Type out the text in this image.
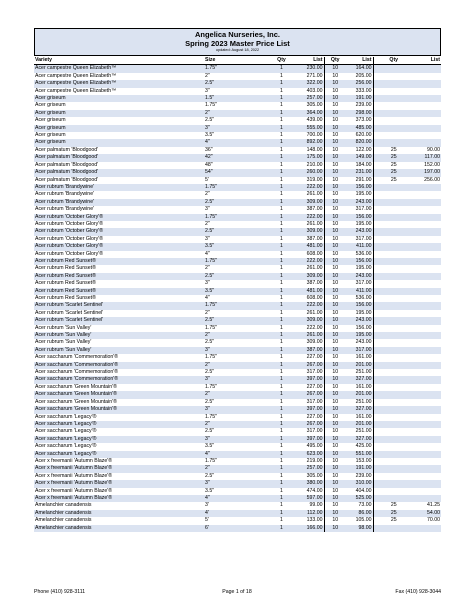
Angelica Nurseries, Inc.
Spring 2023 Master Price List
updated: August 18, 2022
Variety	Size	Qty	List	Qty	List	Qty	List
Acer campestre Queen Elizabeth™	1.75"	1	230.00	10	164.00		
Acer campestre Queen Elizabeth™	2"	1	271.00	10	205.00		
Acer campestre Queen Elizabeth™	2.5"	1	322.00	10	256.00		
Acer campestre Queen Elizabeth™	3"	1	403.00	10	333.00		
Acer griseum	1.5"	1	257.00	10	191.00		
Acer griseum	1.75"	1	305.00	10	239.00		
Acer griseum	2"	1	364.00	10	298.00		
Acer griseum	2.5"	1	439.00	10	373.00		
Acer griseum	3"	1	555.00	10	485.00		
Acer griseum	3.5"	1	700.00	10	620.00		
Acer griseum	4"	1	892.00	10	820.00		
Acer palmatum 'Bloodgood'	36"	1	148.00	10	122.00	25	90.00
Acer palmatum 'Bloodgood'	42"	1	175.00	10	149.00	25	117.00
Acer palmatum 'Bloodgood'	48"	1	210.00	10	184.00	25	152.00
Acer palmatum 'Bloodgood'	54"	1	260.00	10	231.00	25	197.00
Acer palmatum 'Bloodgood'	5'	1	319.00	10	291.00	25	256.00
Acer rubrum 'Brandywine'	1.75"	1	222.00	10	156.00		
Acer rubrum 'Brandywine'	2"	1	261.00	10	195.00		
Acer rubrum 'Brandywine'	2.5"	1	309.00	10	243.00		
Acer rubrum 'Brandywine'	3"	1	387.00	10	317.00		
Acer rubrum 'October Glory'®	1.75"	1	222.00	10	156.00		
Acer rubrum 'October Glory'®	2"	1	261.00	10	195.00		
Acer rubrum 'October Glory'®	2.5"	1	309.00	10	243.00		
Acer rubrum 'October Glory'®	3"	1	387.00	10	317.00		
Acer rubrum 'October Glory'®	3.5"	1	481.00	10	411.00		
Acer rubrum 'October Glory'®	4"	1	608.00	10	536.00		
Acer rubrum Red Sunset®	1.75"	1	222.00	10	156.00		
Acer rubrum Red Sunset®	2"	1	261.00	10	195.00		
Acer rubrum Red Sunset®	2.5"	1	309.00	10	243.00		
Acer rubrum Red Sunset®	3"	1	387.00	10	317.00		
Acer rubrum Red Sunset®	3.5"	1	481.00	10	411.00		
Acer rubrum Red Sunset®	4"	1	608.00	10	536.00		
Acer rubrum 'Scarlet Sentinel'	1.75"	1	222.00	10	156.00		
Acer rubrum 'Scarlet Sentinel'	2"	1	261.00	10	195.00		
Acer rubrum 'Scarlet Sentinel'	2.5"	1	309.00	10	243.00		
Acer rubrum 'Sun Valley'	1.75"	1	222.00	10	156.00		
Acer rubrum 'Sun Valley'	2"	1	261.00	10	195.00		
Acer rubrum 'Sun Valley'	2.5"	1	309.00	10	243.00		
Acer rubrum 'Sun Valley'	3"	1	387.00	10	317.00		
Acer saccharum 'Commemoration'®	1.75"	1	227.00	10	161.00		
Acer saccharum 'Commemoration'®	2"	1	267.00	10	201.00		
Acer saccharum 'Commemoration'®	2.5"	1	317.00	10	251.00		
Acer saccharum 'Commemoration'®	3"	1	397.00	10	327.00		
Acer saccharum 'Green Mountain'®	1.75"	1	227.00	10	161.00		
Acer saccharum 'Green Mountain'®	2"	1	267.00	10	201.00		
Acer saccharum 'Green Mountain'®	2.5"	1	317.00	10	251.00		
Acer saccharum 'Green Mountain'®	3"	1	397.00	10	327.00		
Acer saccharum 'Legacy'®	1.75"	1	227.00	10	161.00		
Acer saccharum 'Legacy'®	2"	1	267.00	10	201.00		
Acer saccharum 'Legacy'®	2.5"	1	317.00	10	251.00		
Acer saccharum 'Legacy'®	3"	1	397.00	10	327.00		
Acer saccharum 'Legacy'®	3.5"	1	495.00	10	425.00		
Acer saccharum 'Legacy'®	4"	1	623.00	10	551.00		
Acer x freemanii 'Autumn Blaze'®	1.75"	1	219.00	10	153.00		
Acer x freemanii 'Autumn Blaze'®	2"	1	257.00	10	191.00		
Acer x freemanii 'Autumn Blaze'®	2.5"	1	305.00	10	239.00		
Acer x freemanii 'Autumn Blaze'®	3"	1	380.00	10	310.00		
Acer x freemanii 'Autumn Blaze'®	3.5"	1	474.00	10	404.00		
Acer x freemanii 'Autumn Blaze'®	4"	1	597.00	10	525.00		
Amelanchier canadensis	3'	1	99.00	10	73.00	25	41.25
Amelanchier canadensis	4'	1	112.00	10	86.00	25	54.00
Amelanchier canadensis	5'	1	133.00	10	105.00	25	70.00
Amelanchier canadensis	6'	1	166.00	10	98.00		
Phone (410) 928-3111	Page 1 of 18	Fax (410) 928-3044
